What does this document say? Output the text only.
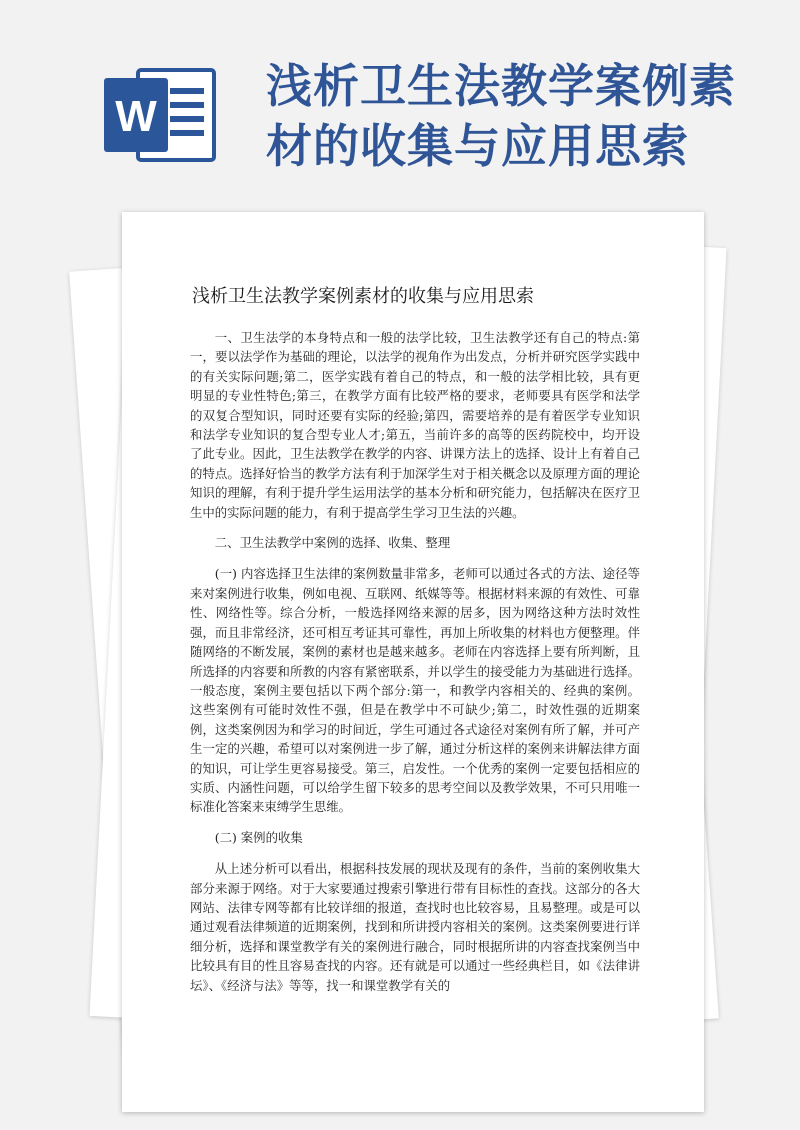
W
浅析卫生法教学案例素材的收集与应用思索
浅析卫生法教学案例素材的收集与应用思索

一、卫生法学的本身特点和一般的法学比较，卫生法教学还有自己的特点:第一，要以法学作为基础的理论，以法学的视角作为出发点，分析并研究医学实践中的有关实际问题;第二，医学实践有着自己的特点，和一般的法学相比较，具有更明显的专业性特色;第三，在教学方面有比较严格的要求，老师要具有医学和法学的双复合型知识，同时还要有实际的经验;第四，需要培养的是有着医学专业知识和法学专业知识的复合型专业人才;第五，当前许多的高等的医药院校中，均开设了此专业。因此，卫生法教学在教学的内容、讲课方法上的选择、设计上有着自己的特点。选择好恰当的教学方法有利于加深学生对于相关概念以及原理方面的理论知识的理解，有利于提升学生运用法学的基本分析和研究能力，包括解决在医疗卫生中的实际问题的能力，有利于提高学生学习卫生法的兴趣。

二、卫生法教学中案例的选择、收集、整理

(一) 内容选择卫生法律的案例数量非常多，老师可以通过各式的方法、途径等来对案例进行收集，例如电视、互联网、纸媒等等。根据材料来源的有效性、可靠性、网络性等。综合分析，一般选择网络来源的居多，因为网络这种方法时效性强，而且非常经济，还可相互考证其可靠性，再加上所收集的材料也方便整理。伴随网络的不断发展，案例的素材也是越来越多。老师在内容选择上要有所判断，且所选择的内容要和所教的内容有紧密联系，并以学生的接受能力为基础进行选择。一般态度，案例主要包括以下两个部分:第一，和教学内容相关的、经典的案例。这些案例有可能时效性不强，但是在教学中不可缺少;第二，时效性强的近期案例，这类案例因为和学习的时间近，学生可通过各式途径对案例有所了解，并可产生一定的兴趣，希望可以对案例进一步了解，通过分析这样的案例来讲解法律方面的知识，可让学生更容易接受。第三，启发性。一个优秀的案例一定要包括相应的实质、内涵性问题，可以给学生留下较多的思考空间以及教学效果，不可只用唯一标准化答案来束缚学生思维。

(二) 案例的收集

从上述分析可以看出，根据科技发展的现状及现有的条件，当前的案例收集大部分来源于网络。对于大家要通过搜索引擎进行带有目标性的查找。这部分的各大网站、法律专网等都有比较详细的报道，查找时也比较容易，且易整理。或是可以通过观看法律频道的近期案例，找到和所讲授内容相关的案例。这类案例要进行详细分析，选择和课堂教学有关的案例进行融合，同时根据所讲的内容查找案例当中比较具有目的性且容易查找的内容。还有就是可以通过一些经典栏目，如《法律讲坛》、《经济与法》等等，找一和课堂教学有关的
